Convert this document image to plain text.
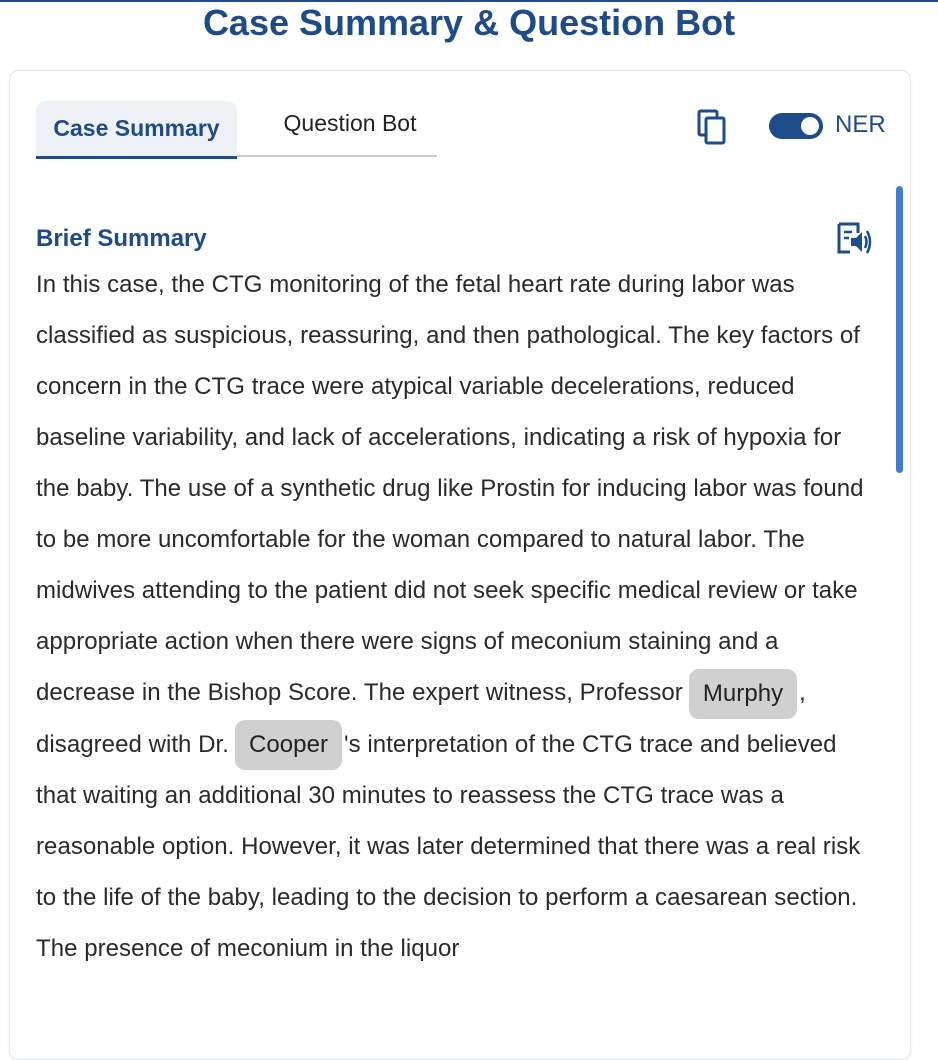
Case Summary & Question Bot
Case Summary	Question Bot	NER
Brief Summary

In this case, the CTG monitoring of the fetal heart rate during labor was classified as suspicious, reassuring, and then pathological. The key factors of concern in the CTG trace were atypical variable decelerations, reduced baseline variability, and lack of accelerations, indicating a risk of hypoxia for the baby. The use of a synthetic drug like Prostin for inducing labor was found to be more uncomfortable for the woman compared to natural labor. The midwives attending to the patient did not seek specific medical review or take appropriate action when there were signs of meconium staining and a decrease in the Bishop Score. The expert witness, Professor Murphy , disagreed with Dr. Cooper 's interpretation of the CTG trace and believed that waiting an additional 30 minutes to reassess the CTG trace was a reasonable option. However, it was later determined that there was a real risk to the life of the baby, leading to the decision to perform a caesarean section. The presence of meconium in the liquor
